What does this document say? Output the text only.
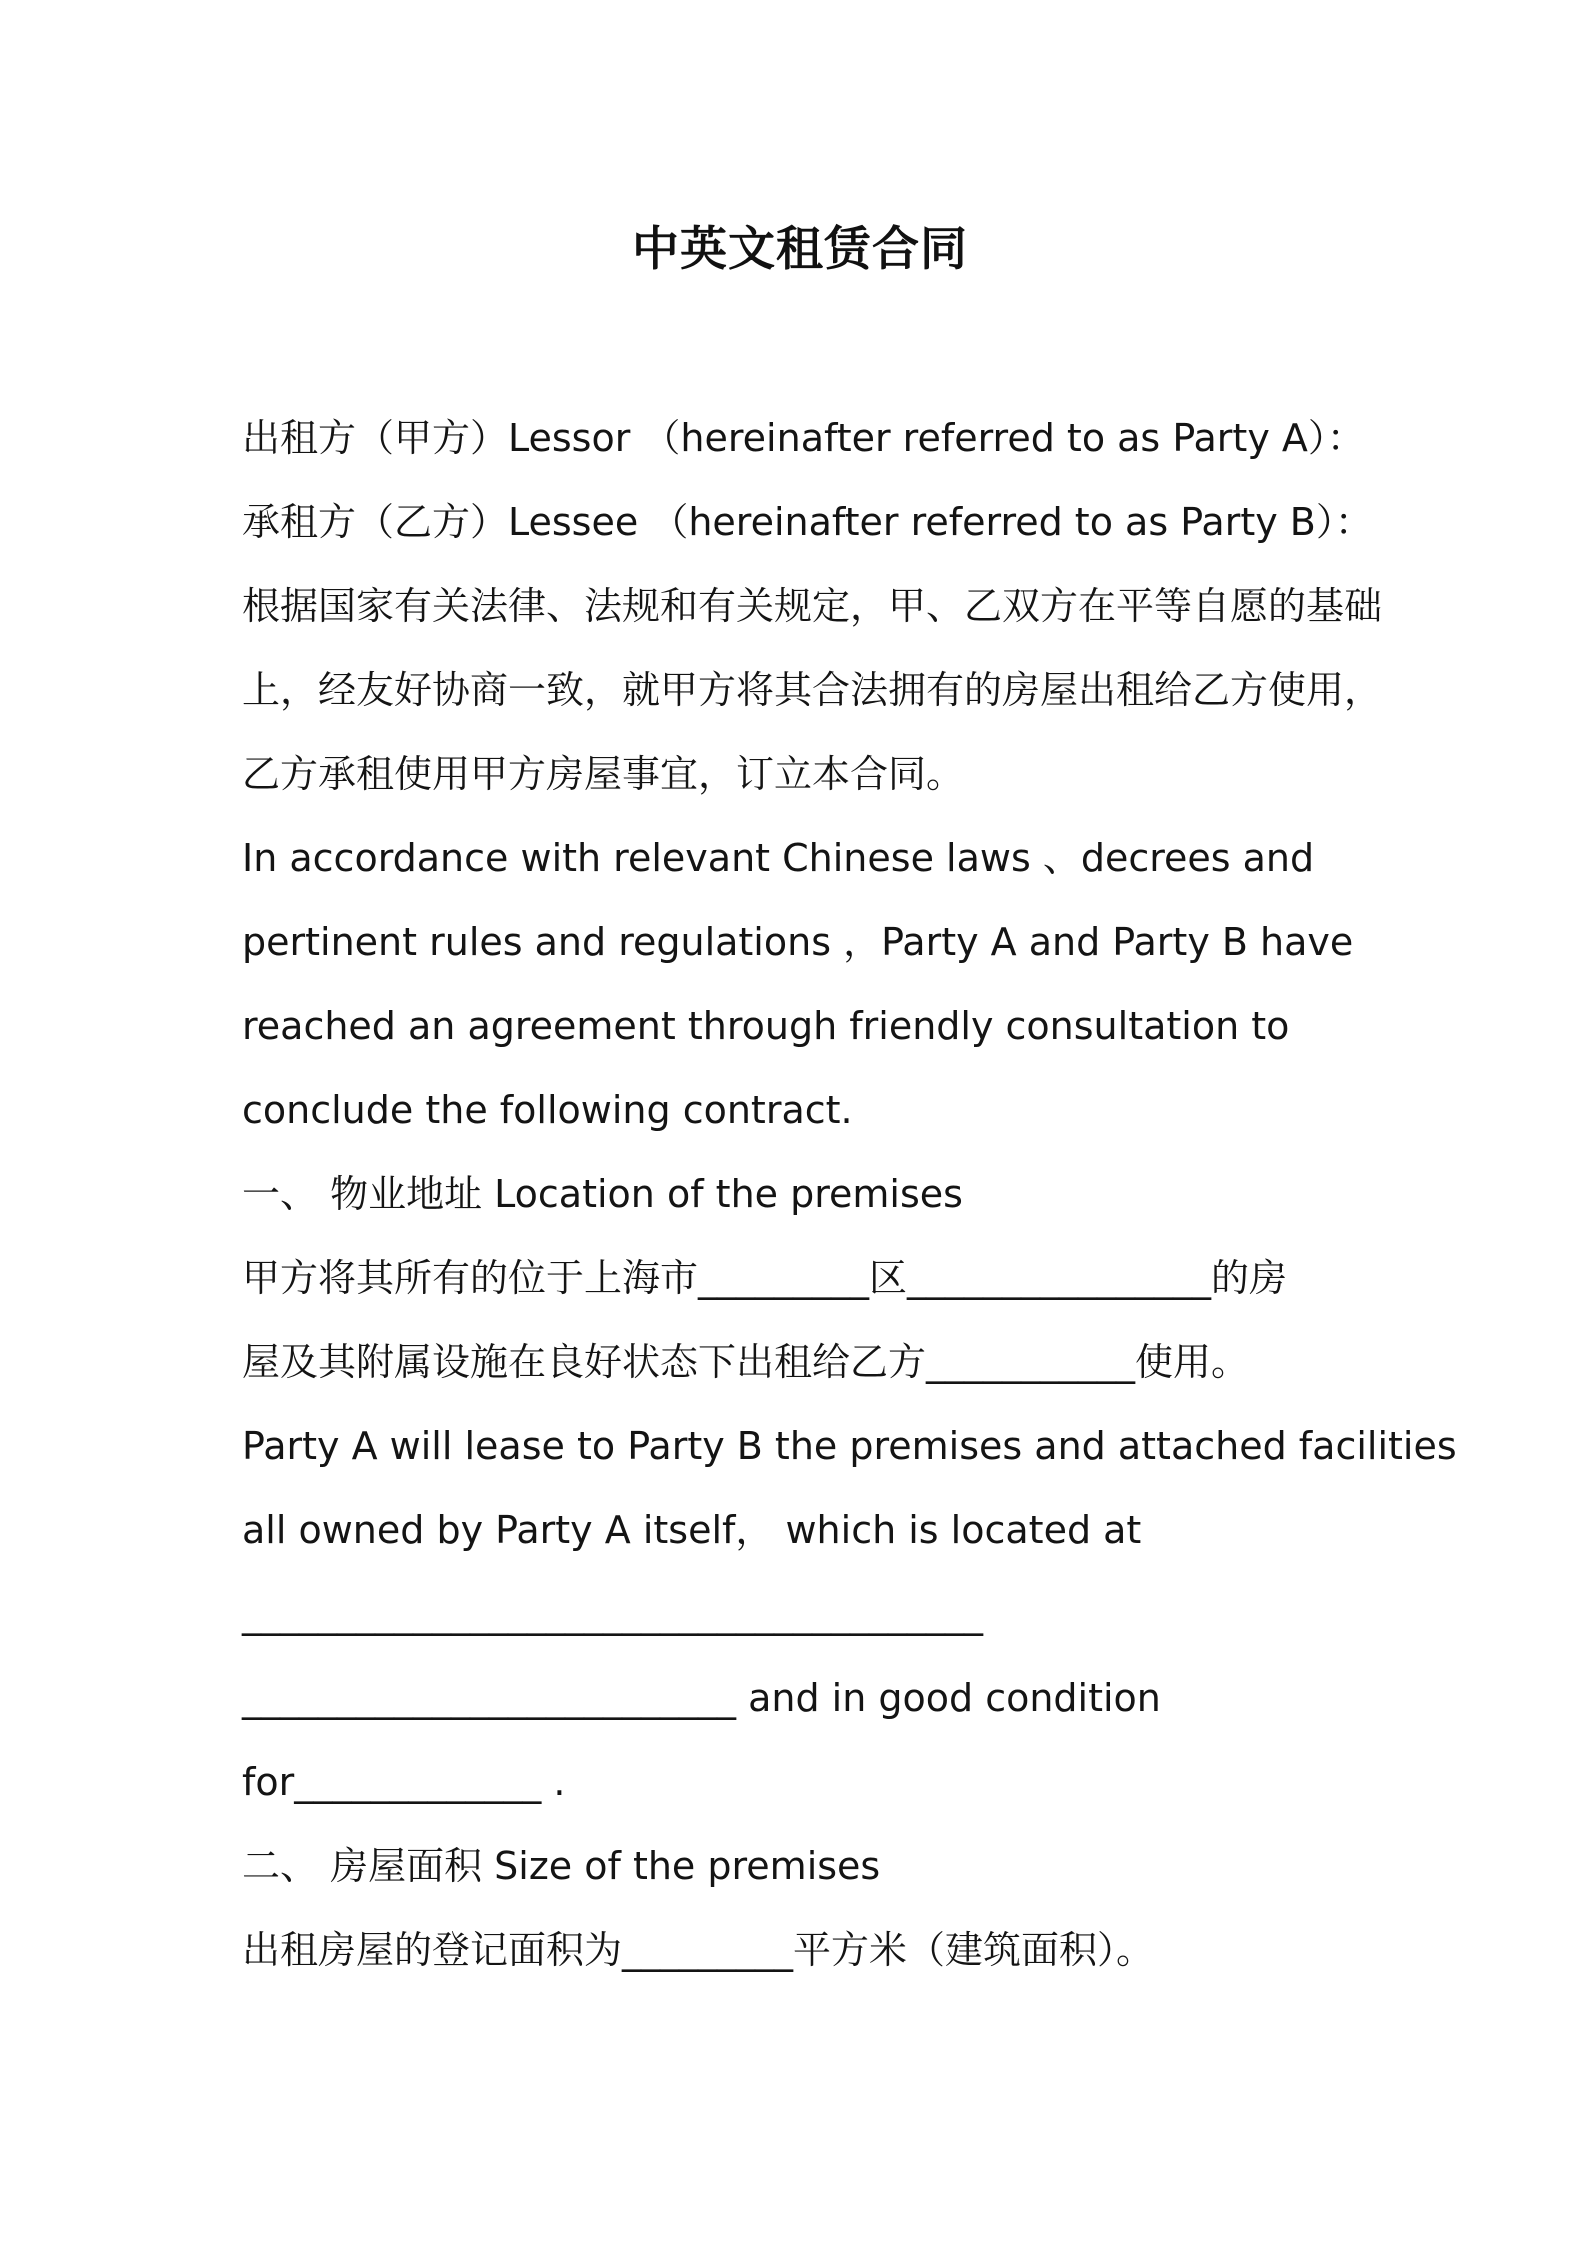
中英文租赁合同
出租方（甲方）Lessor （hereinafter referred to as Party A）：
承租方（乙方）Lessee （hereinafter referred to as Party B）：
根据国家有关法律、法规和有关规定，甲、乙双方在平等自愿的基础
上，经友好协商一致，就甲方将其合法拥有的房屋出租给乙方使用，
乙方承租使用甲方房屋事宜，订立本合同。
In accordance with relevant Chinese laws 、decrees and
pertinent rules and regulations ，Party A and Party B have
reached an agreement through friendly consultation to
conclude the following contract.
一、 物业地址 Location of the premises
甲方将其所有的位于上海市_________区________________的房
屋及其附属设施在良好状态下出租给乙方___________使用。
Party A will lease to Party B the premises and attached facilities
all owned by Party A itself， which is located at
_______________________________________
__________________________ and in good condition
for_____________ .
二、 房屋面积 Size of the premises
出租房屋的登记面积为_________平方米（建筑面积）。
